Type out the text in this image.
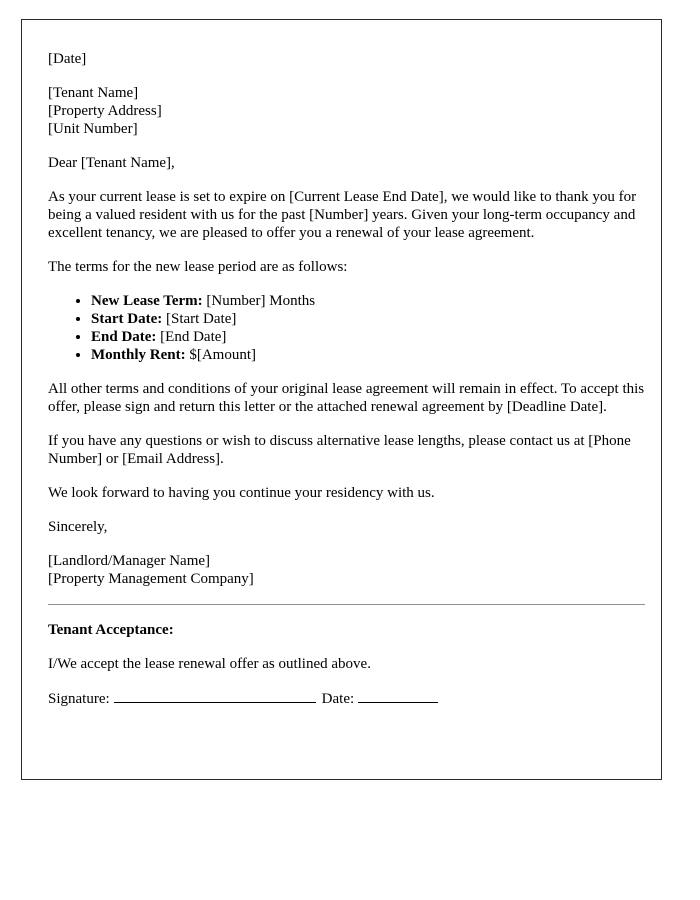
[Date]

[Tenant Name]
[Property Address]
[Unit Number]

Dear [Tenant Name],

As your current lease is set to expire on [Current Lease End Date], we would like to thank you for being a valued resident with us for the past [Number] years. Given your long-term occupancy and excellent tenancy, we are pleased to offer you a renewal of your lease agreement.

The terms for the new lease period are as follows:

• New Lease Term: [Number] Months
• Start Date: [Start Date]
• End Date: [End Date]
• Monthly Rent: $[Amount]

All other terms and conditions of your original lease agreement will remain in effect. To accept this offer, please sign and return this letter or the attached renewal agreement by [Deadline Date].

If you have any questions or wish to discuss alternative lease lengths, please contact us at [Phone Number] or [Email Address].

We look forward to having you continue your residency with us.

Sincerely,

[Landlord/Manager Name]
[Property Management Company]

Tenant Acceptance:

I/We accept the lease renewal offer as outlined above.

Signature:	Date:
